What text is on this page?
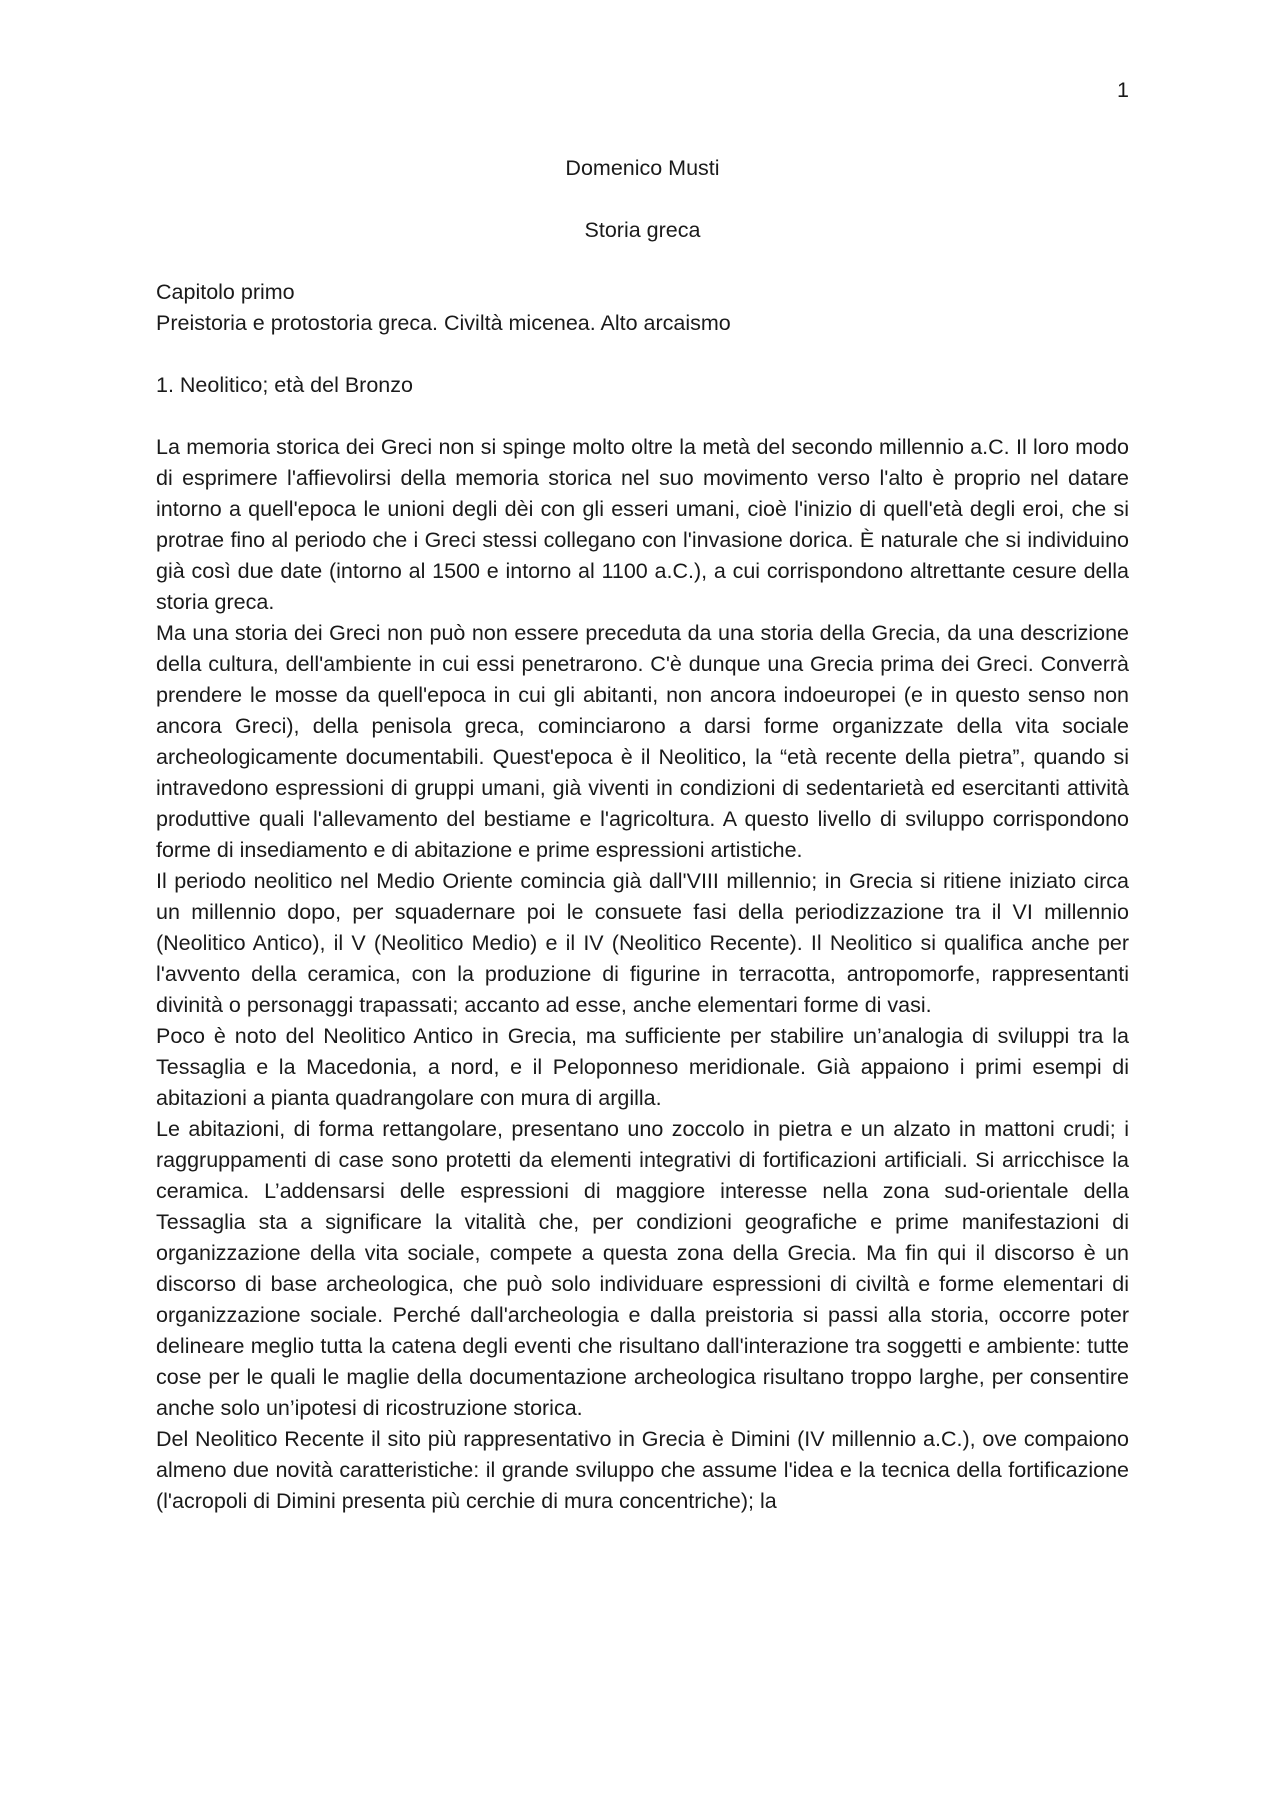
1

Domenico Musti

Storia greca

Capitolo primo

Preistoria e protostoria greca. Civiltà micenea. Alto arcaismo

1. Neolitico; età del Bronzo

La memoria storica dei Greci non si spinge molto oltre la metà del secondo millennio a.C. Il loro modo di esprimere l'affievolirsi della memoria storica nel suo movimento verso l'alto è proprio nel datare intorno a quell'epoca le unioni degli dèi con gli esseri umani, cioè l'inizio di quell'età degli eroi, che si protrae fino al periodo che i Greci stessi collegano con l'invasione dorica. È naturale che si individuino già così due date (intorno al 1500 e intorno al 1100 a.C.), a cui corrispondono altrettante cesure della storia greca.

Ma una storia dei Greci non può non essere preceduta da una storia della Grecia, da una descrizione della cultura, dell'ambiente in cui essi penetrarono. C'è dunque una Grecia prima dei Greci. Converrà prendere le mosse da quell'epoca in cui gli abitanti, non ancora indoeuropei (e in questo senso non ancora Greci), della penisola greca, cominciarono a darsi forme organizzate della vita sociale archeologicamente documentabili. Quest'epoca è il Neolitico, la “età recente della pietra”, quando si intravedono espressioni di gruppi umani, già viventi in condizioni di sedentarietà ed esercitanti attività produttive quali l'allevamento del bestiame e l'agricoltura. A questo livello di sviluppo corrispondono forme di insediamento e di abitazione e prime espressioni artistiche.

Il periodo neolitico nel Medio Oriente comincia già dall'VIII millennio; in Grecia si ritiene iniziato circa un millennio dopo, per squadernare poi le consuete fasi della periodizzazione tra il VI millennio (Neolitico Antico), il V (Neolitico Medio) e il IV (Neolitico Recente). Il Neolitico si qualifica anche per l'avvento della ceramica, con la produzione di figurine in terracotta, antropomorfe, rappresentanti divinità o personaggi trapassati; accanto ad esse, anche elementari forme di vasi.

Poco è noto del Neolitico Antico in Grecia, ma sufficiente per stabilire un’analogia di sviluppi tra la Tessaglia e la Macedonia, a nord, e il Peloponneso meridionale. Già appaiono i primi esempi di abitazioni a pianta quadrangolare con mura di argilla.

Le abitazioni, di forma rettangolare, presentano uno zoccolo in pietra e un alzato in mattoni crudi; i raggruppamenti di case sono protetti da elementi integrativi di fortificazioni artificiali. Si arricchisce la ceramica. L’addensarsi delle espressioni di maggiore interesse nella zona sud-orientale della Tessaglia sta a significare la vitalità che, per condizioni geografiche e prime manifestazioni di organizzazione della vita sociale, compete a questa zona della Grecia. Ma fin qui il discorso è un discorso di base archeologica, che può solo individuare espressioni di civiltà e forme elementari di organizzazione sociale. Perché dall'archeologia e dalla preistoria si passi alla storia, occorre poter delineare meglio tutta la catena degli eventi che risultano dall'interazione tra soggetti e ambiente: tutte cose per le quali le maglie della documentazione archeologica risultano troppo larghe, per consentire anche solo un’ipotesi di ricostruzione storica.

Del Neolitico Recente il sito più rappresentativo in Grecia è Dimini (IV millennio a.C.), ove compaiono almeno due novità caratteristiche: il grande sviluppo che assume l'idea e la tecnica della fortificazione (l'acropoli di Dimini presenta più cerchie di mura concentriche); la
